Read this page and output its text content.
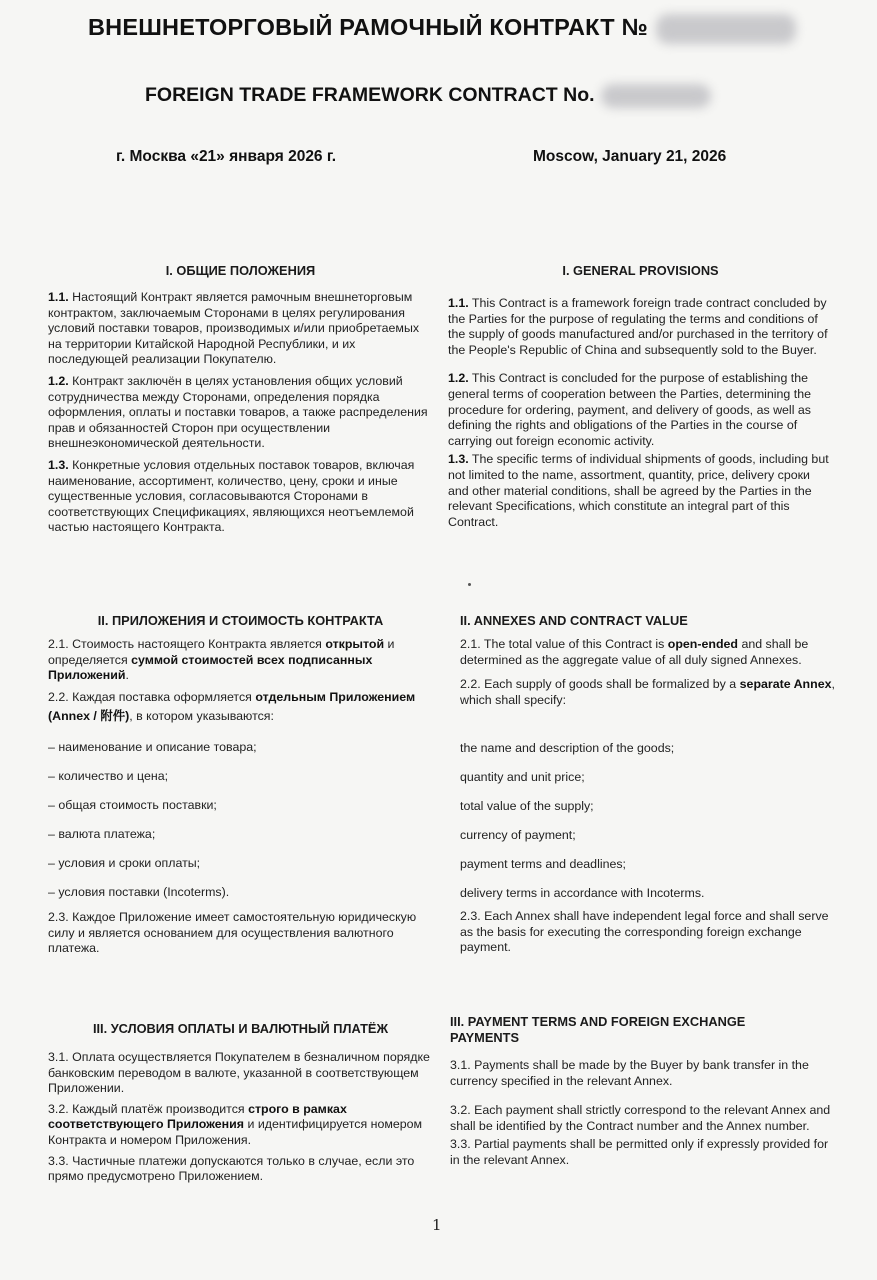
ВНЕШНЕТОРГОВЫЙ РАМОЧНЫЙ КОНТРАКТ №
FOREIGN TRADE FRAMEWORK CONTRACT No.
г. Москва «21» января 2026 г.	Moscow, January 21, 2026
I. ОБЩИЕ ПОЛОЖЕНИЯ

1.1. Настоящий Контракт является рамочным внешнеторговым контрактом, заключаемым Сторонами в целях регулирования условий поставки товаров, производимых и/или приобретаемых на территории Китайской Народной Республики, и их последующей реализации Покупателю.

1.2. Контракт заключён в целях установления общих условий сотрудничества между Сторонами, определения порядка оформления, оплаты и поставки товаров, а также распределения прав и обязанностей Сторон при осуществлении внешнеэкономической деятельности.

1.3. Конкретные условия отдельных поставок товаров, включая наименование, ассортимент, количество, цену, сроки и иные существенные условия, согласовываются Сторонами в соответствующих Спецификациях, являющихся неотъемлемой частью настоящего Контракта.

I. GENERAL PROVISIONS

1.1. This Contract is a framework foreign trade contract concluded by the Parties for the purpose of regulating the terms and conditions of the supply of goods manufactured and/or purchased in the territory of the People's Republic of China and subsequently sold to the Buyer.

1.2. This Contract is concluded for the purpose of establishing the general terms of cooperation between the Parties, determining the procedure for ordering, payment, and delivery of goods, as well as defining the rights and obligations of the Parties in the course of carrying out foreign economic activity.

1.3. The specific terms of individual shipments of goods, including but not limited to the name, assortment, quantity, price, delivery сроки and other material conditions, shall be agreed by the Parties in the relevant Specifications, which constitute an integral part of this Contract.

II. ПРИЛОЖЕНИЯ И СТОИМОСТЬ КОНТРАКТА

2.1. Стоимость настоящего Контракта является открытой и определяется суммой стоимостей всех подписанных Приложений.

2.2. Каждая поставка оформляется отдельным Приложением (Annex / 附件), в котором указываются:

– наименование и описание товара;
– количество и цена;
– общая стоимость поставки;
– валюта платежа;
– условия и сроки оплаты;
– условия поставки (Incoterms).
2.3. Каждое Приложение имеет самостоятельную юридическую силу и является основанием для осуществления валютного платежа.
II. ANNEXES AND CONTRACT VALUE

2.1. The total value of this Contract is open-ended and shall be determined as the aggregate value of all duly signed Annexes.

2.2. Each supply of goods shall be formalized by a separate Annex, which shall specify:

the name and description of the goods;
quantity and unit price;
total value of the supply;
currency of payment;
payment terms and deadlines;
delivery terms in accordance with Incoterms.
2.3. Each Annex shall have independent legal force and shall serve as the basis for executing the corresponding foreign exchange payment.
III. УСЛОВИЯ ОПЛАТЫ И ВАЛЮТНЫЙ ПЛАТЁЖ

3.1. Оплата осуществляется Покупателем в безналичном порядке банковским переводом в валюте, указанной в соответствующем Приложении.

3.2. Каждый платёж производится строго в рамках соответствующего Приложения и идентифицируется номером Контракта и номером Приложения.

3.3. Частичные платежи допускаются только в случае, если это прямо предусмотрено Приложением.

III. PAYMENT TERMS AND FOREIGN EXCHANGE PAYMENTS

3.1. Payments shall be made by the Buyer by bank transfer in the currency specified in the relevant Annex.

3.2. Each payment shall strictly correspond to the relevant Annex and shall be identified by the Contract number and the Annex number.

3.3. Partial payments shall be permitted only if expressly provided for in the relevant Annex.

1
